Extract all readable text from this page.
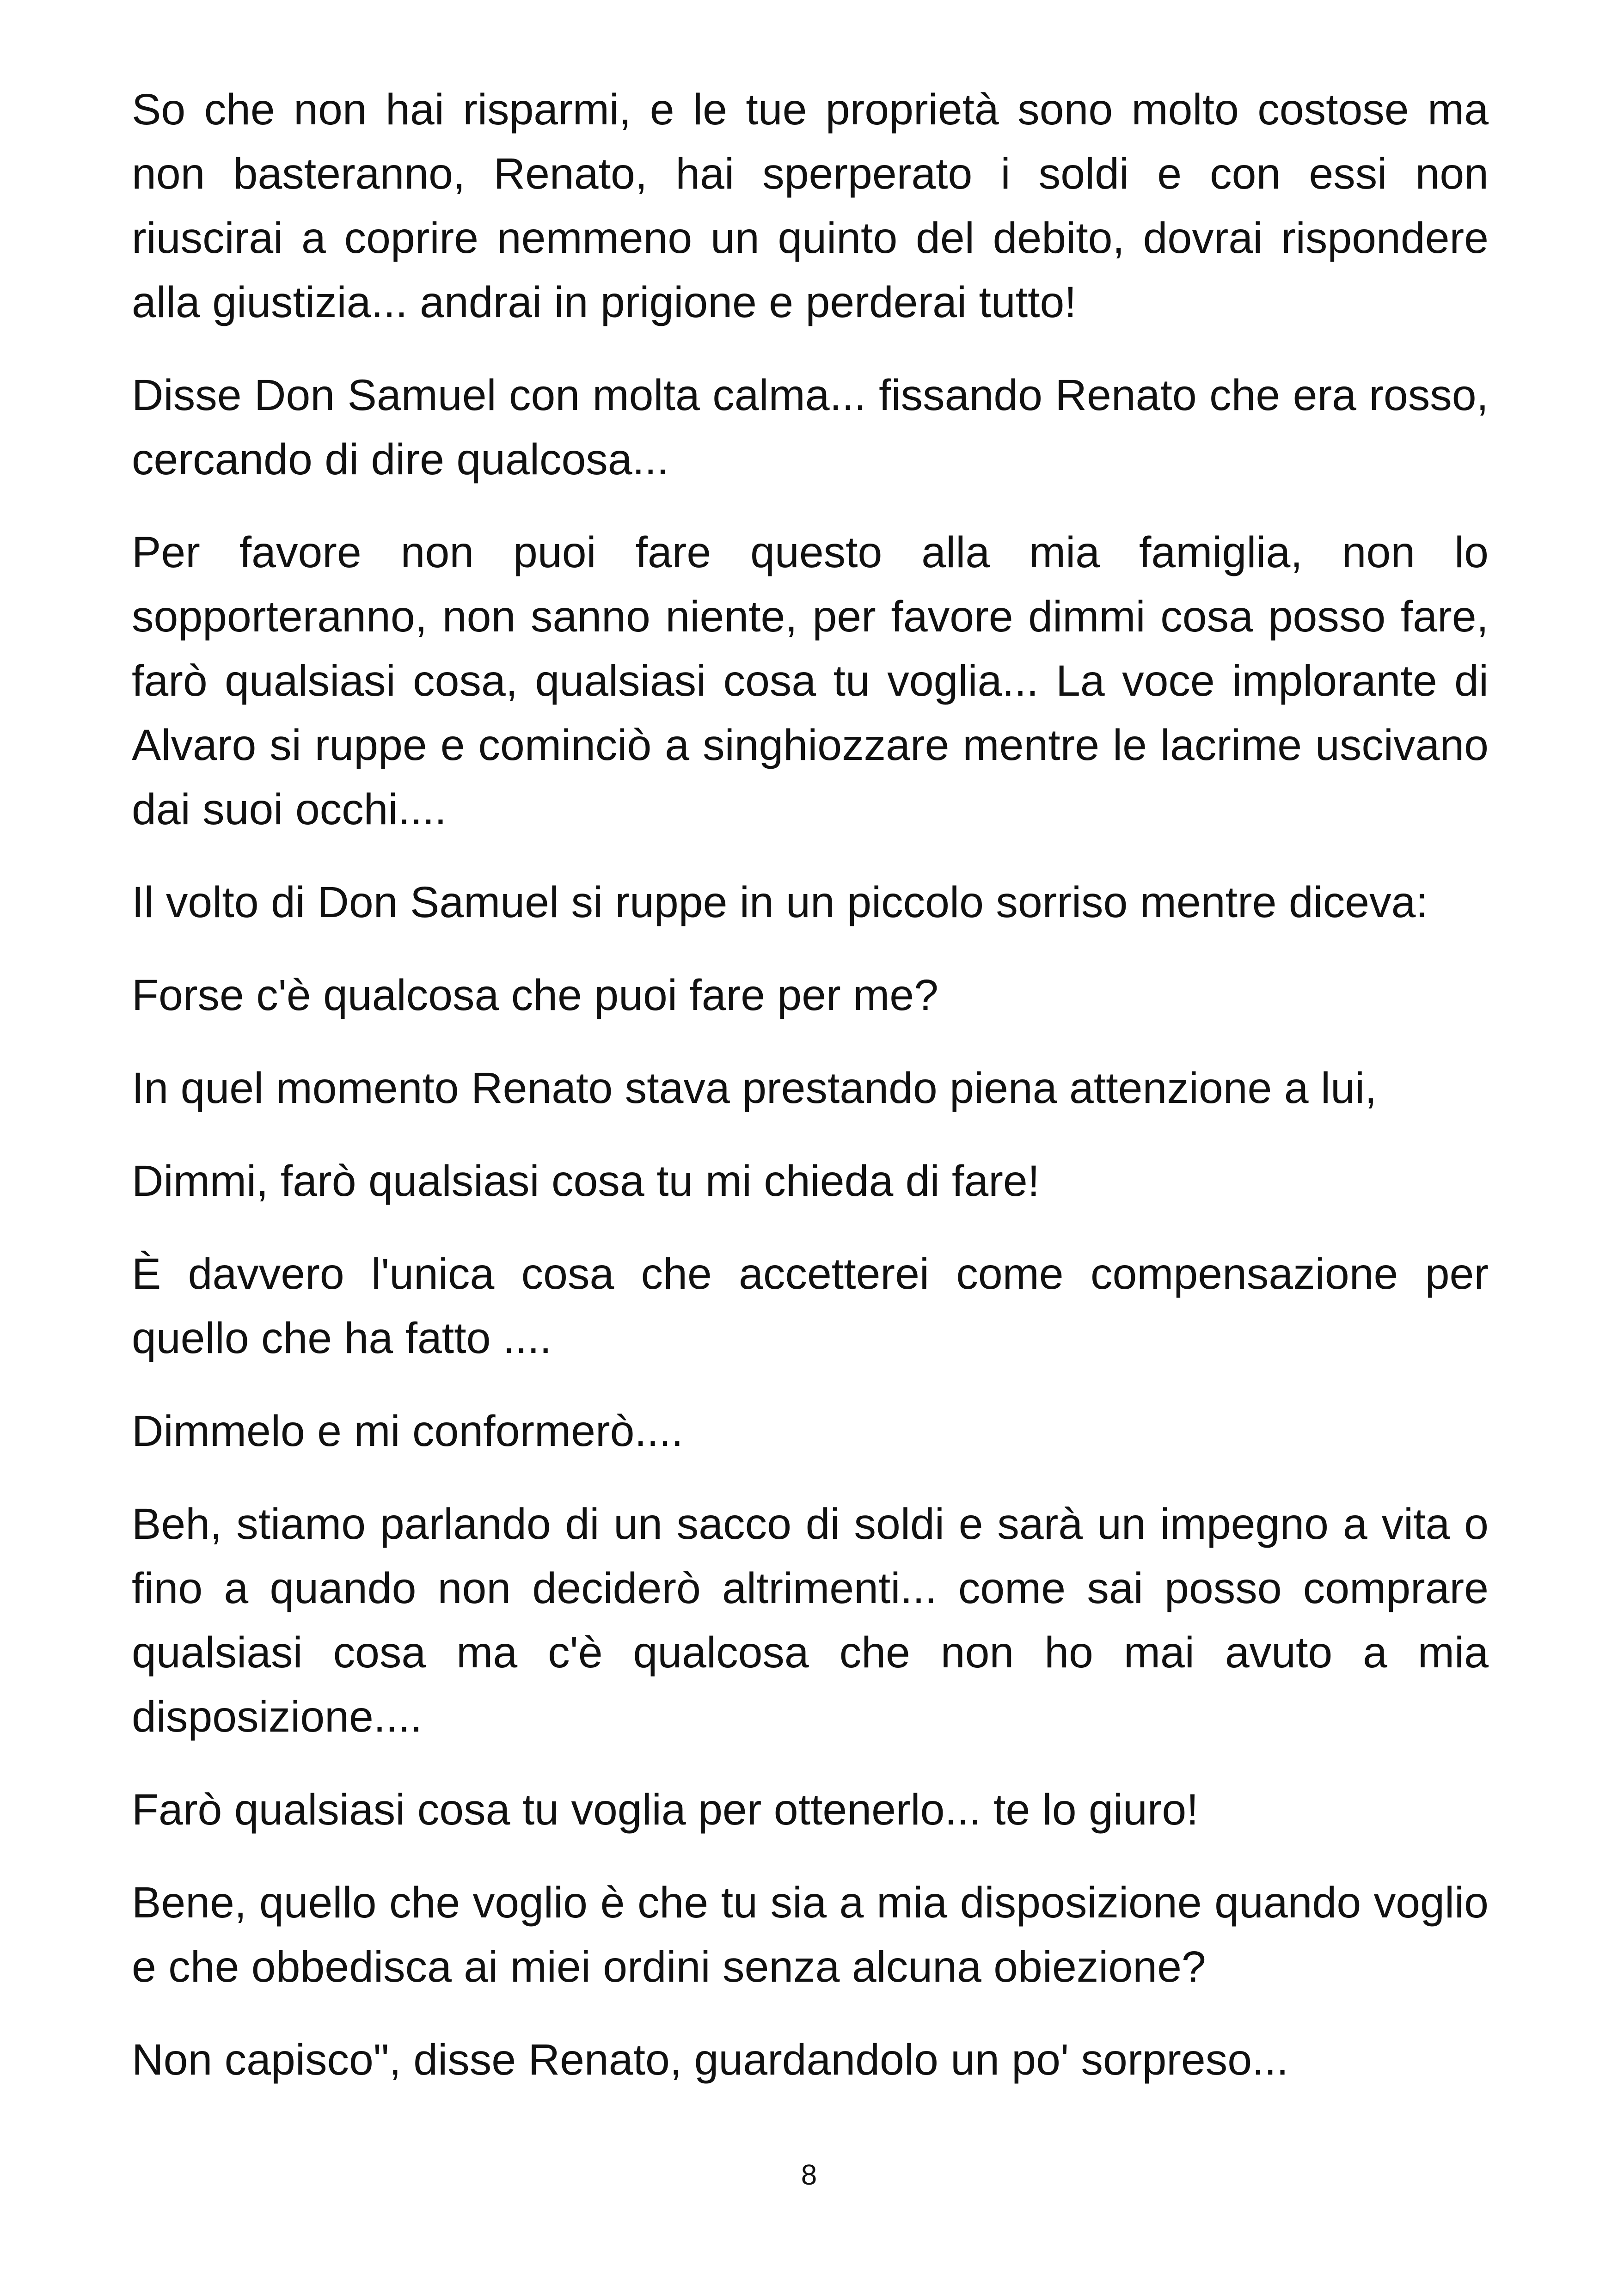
So che non hai risparmi, e le tue proprietà sono molto costose ma non basteranno, Renato, hai sperperato i soldi e con essi non riuscirai a coprire nemmeno un quinto del debito, dovrai rispondere alla giustizia... andrai in prigione e perderai tutto!

Disse Don Samuel con molta calma... fissando Renato che era rosso, cercando di dire qualcosa...

Per favore non puoi fare questo alla mia famiglia, non lo sopporteranno, non sanno niente, per favore dimmi cosa posso fare, farò qualsiasi cosa, qualsiasi cosa tu voglia... La voce implorante di Alvaro si ruppe e cominciò a singhiozzare mentre le lacrime uscivano dai suoi occhi....

Il volto di Don Samuel si ruppe in un piccolo sorriso mentre diceva:

Forse c'è qualcosa che puoi fare per me?

In quel momento Renato stava prestando piena attenzione a lui,

Dimmi, farò qualsiasi cosa tu mi chieda di fare!

È davvero l'unica cosa che accetterei come compensazione per quello che ha fatto ....

Dimmelo e mi conformerò....

Beh, stiamo parlando di un sacco di soldi e sarà un impegno a vita o fino a quando non deciderò altrimenti... come sai posso comprare qualsiasi cosa ma c'è qualcosa che non ho mai avuto a mia disposizione....

Farò qualsiasi cosa tu voglia per ottenerlo... te lo giuro!

Bene, quello che voglio è che tu sia a mia disposizione quando voglio e che obbedisca ai miei ordini senza alcuna obiezione?

Non capisco", disse Renato, guardandolo un po' sorpreso...

8
